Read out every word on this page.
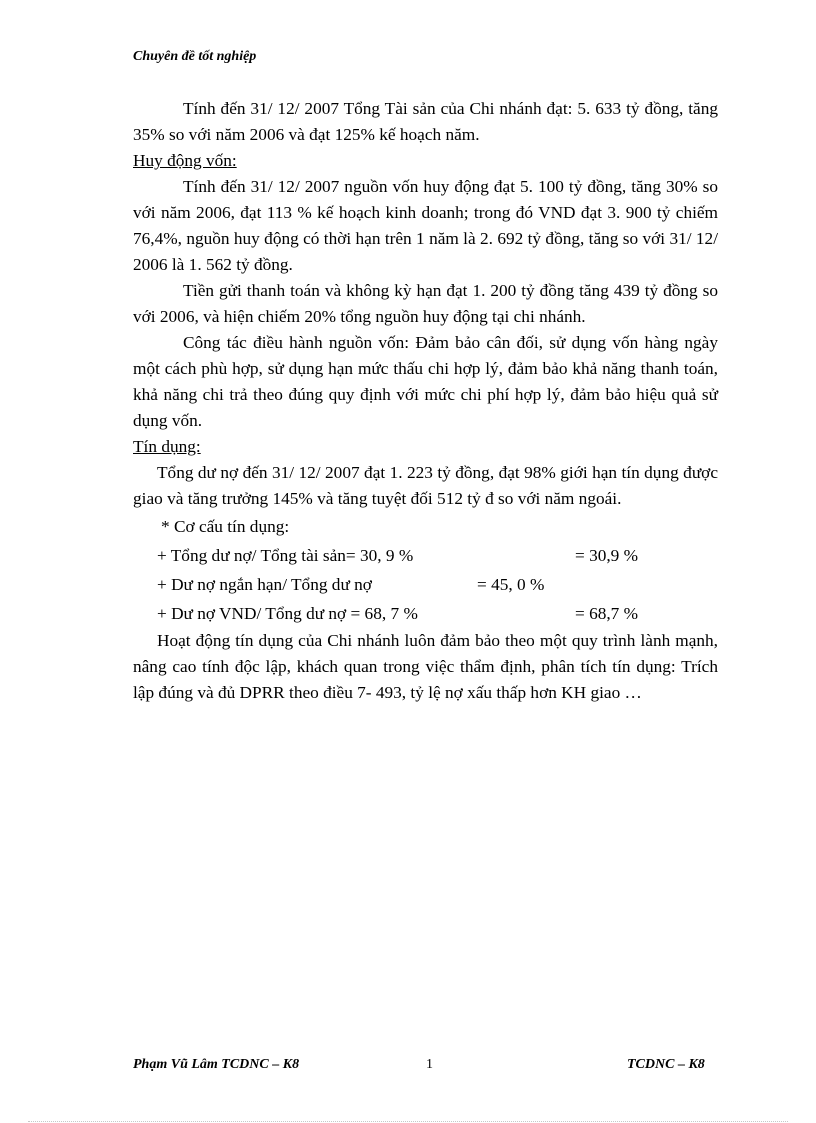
Chuyên đề tốt nghiệp

Tính đến 31/ 12/ 2007 Tổng Tài sản của Chi nhánh đạt: 5. 633 tỷ đồng, tăng 35% so với năm 2006 và đạt 125% kế hoạch năm.

Huy động vốn:

Tính đến 31/ 12/ 2007 nguồn vốn huy động đạt 5. 100 tỷ đồng, tăng 30% so với năm 2006, đạt 113 % kế hoạch kinh doanh; trong đó VND đạt 3. 900 tỷ chiếm 76,4%, nguồn huy động có thời hạn trên 1 năm là 2. 692 tỷ đồng, tăng so với 31/ 12/ 2006 là 1. 562 tỷ đồng.

Tiền gửi thanh toán và không kỳ hạn đạt 1. 200 tỷ đồng tăng 439 tỷ đồng so với 2006, và hiện chiếm 20% tổng nguồn huy động tại chi nhánh.

Công tác điều hành nguồn vốn: Đảm bảo cân đối, sử dụng vốn hàng ngày một cách phù hợp, sử dụng hạn mức thấu chi hợp lý, đảm bảo khả năng thanh toán, khả năng chi trả theo đúng quy định với mức chi phí hợp lý, đảm bảo hiệu quả sử dụng vốn.

Tín dụng:

Tổng dư nợ đến 31/ 12/ 2007 đạt 1. 223 tỷ đồng, đạt 98% giới hạn tín dụng được giao và tăng trưởng 145% và tăng tuyệt đối 512 tỷ đ so với năm ngoái.

* Cơ cấu tín dụng:
+ Tổng dư nợ/ Tổng tài sản= 30, 9 %	= 30,9 %
+ Dư nợ ngắn hạn/ Tổng dư nợ	= 45, 0 %
+ Dư nợ VND/ Tổng dư nợ = 68, 7 %	= 68,7 %

Hoạt động tín dụng của Chi nhánh luôn đảm bảo theo một quy trình lành mạnh, nâng cao tính độc lập, khách quan trong việc thẩm định, phân tích tín dụng: Trích lập đúng và đủ DPRR theo điều 7- 493, tỷ lệ nợ xấu thấp hơn KH giao …

Phạm Vũ Lâm TCDNC – K8	1	TCDNC – K8
